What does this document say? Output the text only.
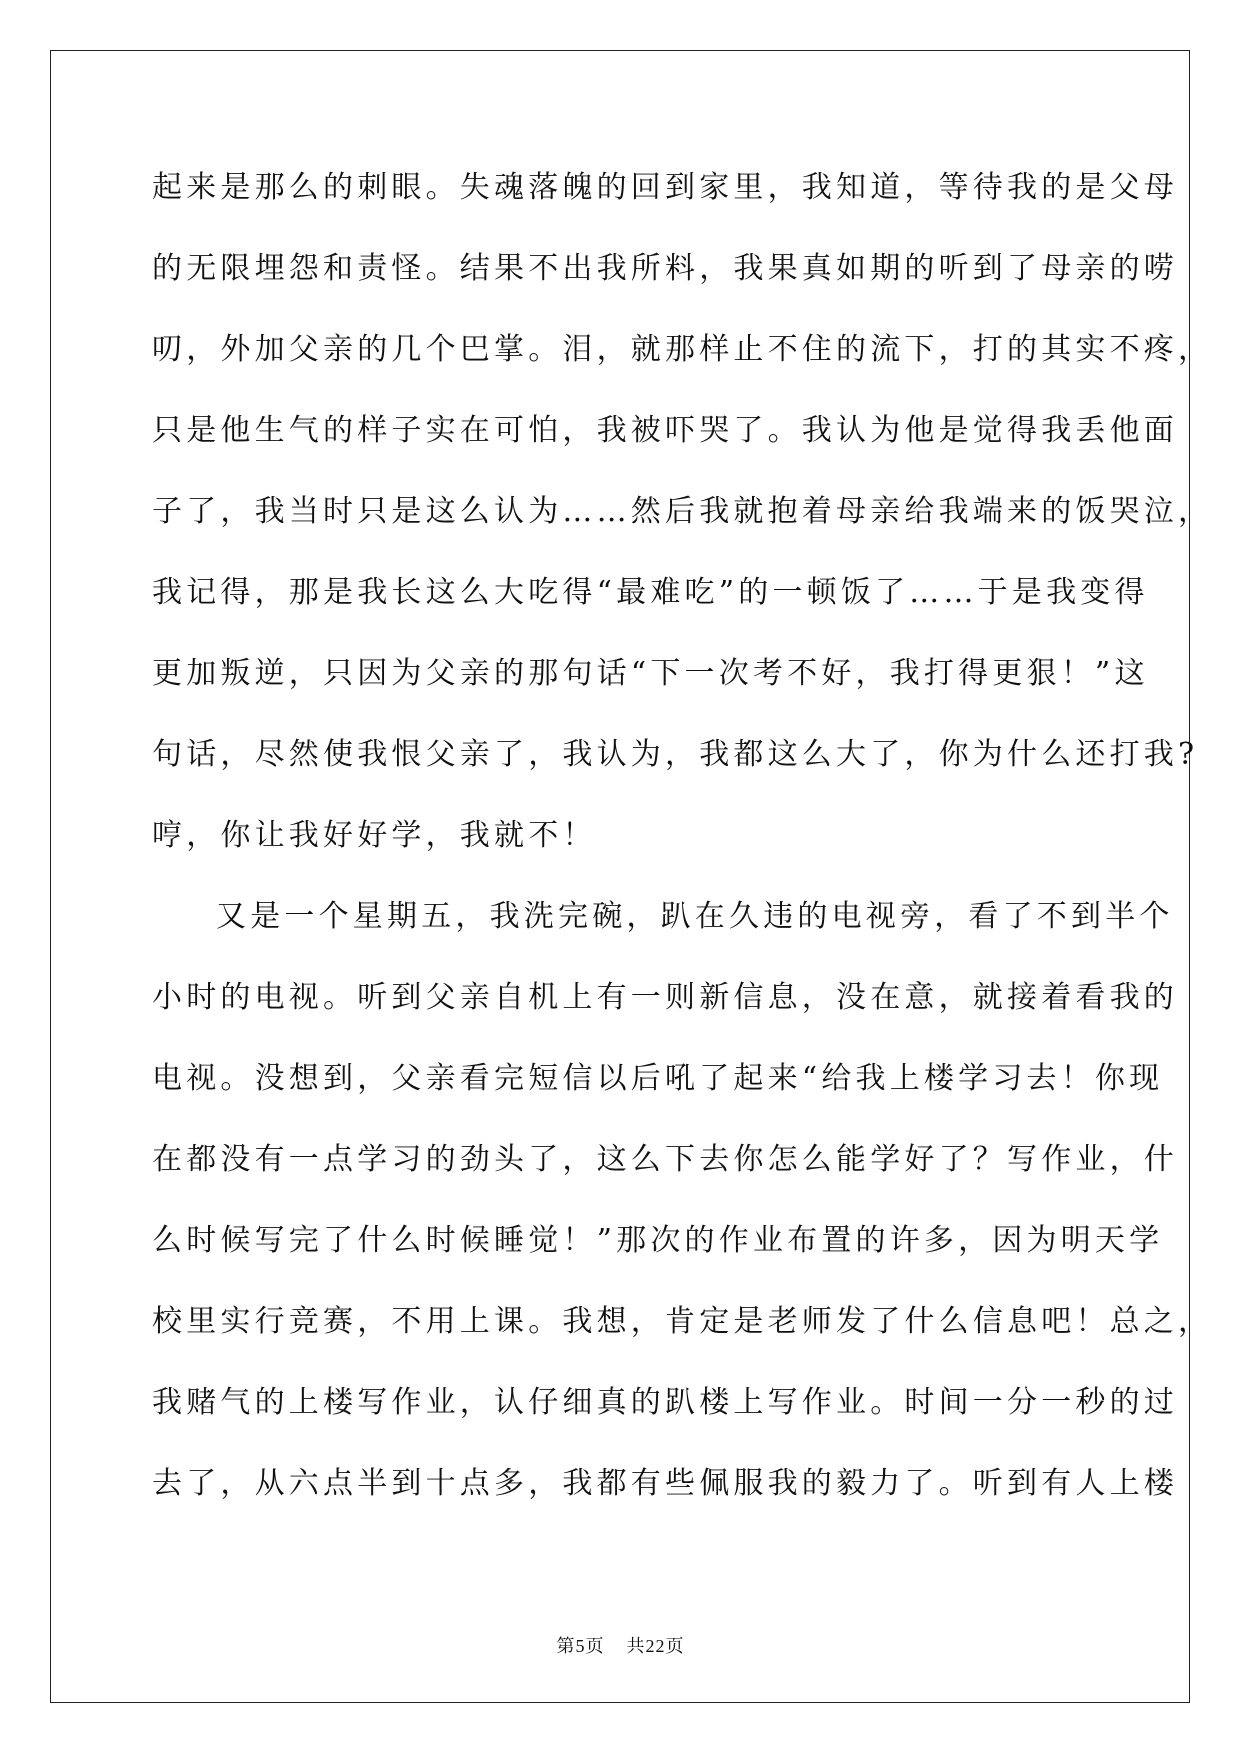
起来是那么的刺眼。失魂落魄的回到家里，我知道，等待我的是父母
的无限埋怨和责怪。结果不出我所料，我果真如期的听到了母亲的唠
叨，外加父亲的几个巴掌。泪，就那样止不住的流下，打的其实不疼，
只是他生气的样子实在可怕，我被吓哭了。我认为他是觉得我丢他面
子了，我当时只是这么认为……然后我就抱着母亲给我端来的饭哭泣，
我记得，那是我长这么大吃得“最难吃”的一顿饭了……于是我变得
更加叛逆，只因为父亲的那句话“下一次考不好，我打得更狠！”这
句话，尽然使我恨父亲了，我认为，我都这么大了，你为什么还打我?
哼，你让我好好学，我就不！
又是一个星期五，我洗完碗，趴在久违的电视旁，看了不到半个
小时的电视。听到父亲自机上有一则新信息，没在意，就接着看我的
电视。没想到，父亲看完短信以后吼了起来“给我上楼学习去！你现
在都没有一点学习的劲头了，这么下去你怎么能学好了？写作业，什
么时候写完了什么时候睡觉！”那次的作业布置的许多，因为明天学
校里实行竞赛，不用上课。我想，肯定是老师发了什么信息吧！总之，
我赌气的上楼写作业，认仔细真的趴楼上写作业。时间一分一秒的过
去了，从六点半到十点多，我都有些佩服我的毅力了。听到有人上楼
第5页 共22页
